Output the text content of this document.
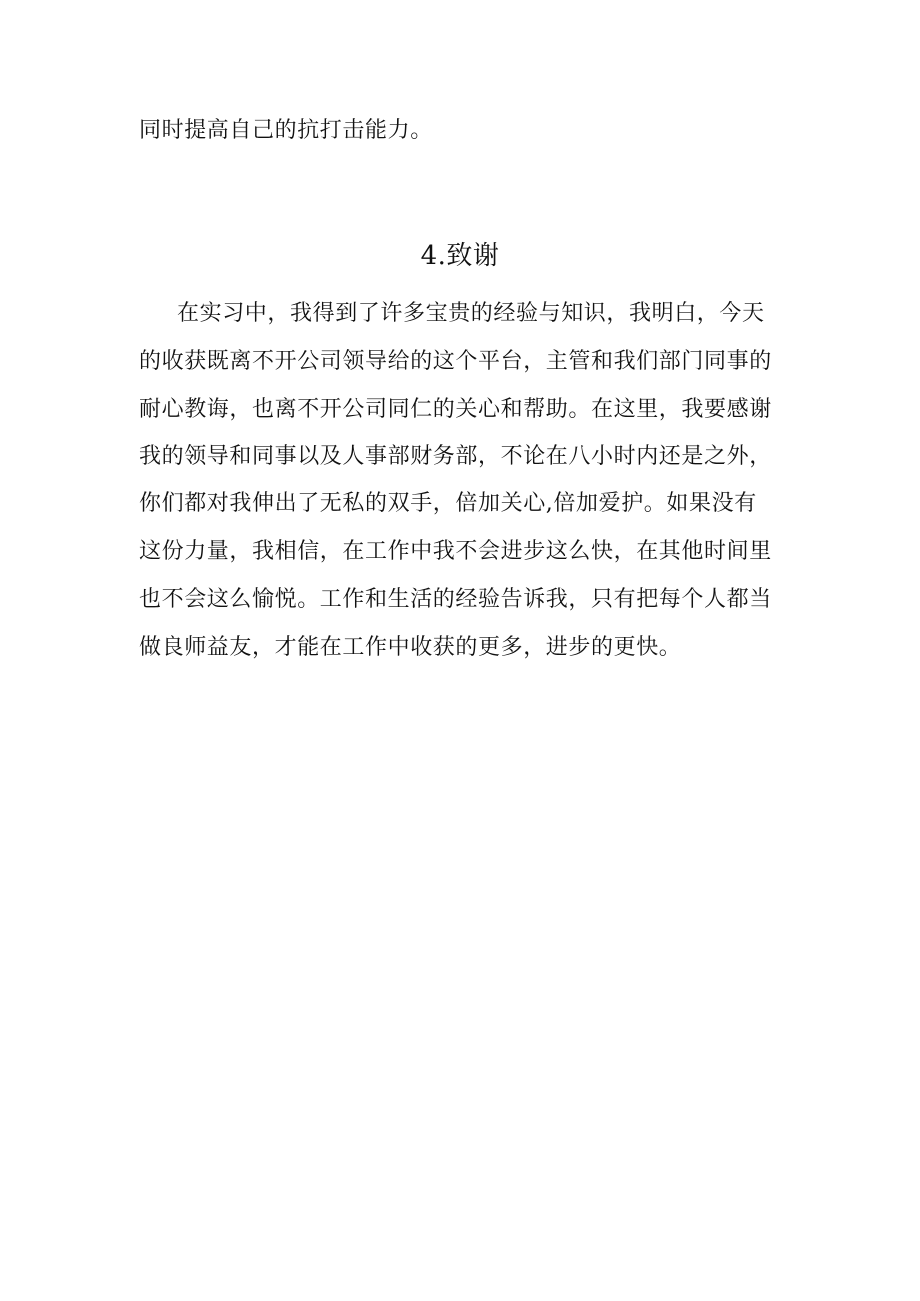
同时提高自己的抗打击能力。
4.致谢
在实习中，我得到了许多宝贵的经验与知识，我明白，今天
的收获既离不开公司领导给的这个平台，主管和我们部门同事的
耐心教诲，也离不开公司同仁的关心和帮助。在这里，我要感谢
我的领导和同事以及人事部财务部，不论在八小时内还是之外，
你们都对我伸出了无私的双手，倍加关心,倍加爱护。如果没有
这份力量，我相信，在工作中我不会进步这么快，在其他时间里
也不会这么愉悦。工作和生活的经验告诉我，只有把每个人都当
做良师益友，才能在工作中收获的更多，进步的更快。
